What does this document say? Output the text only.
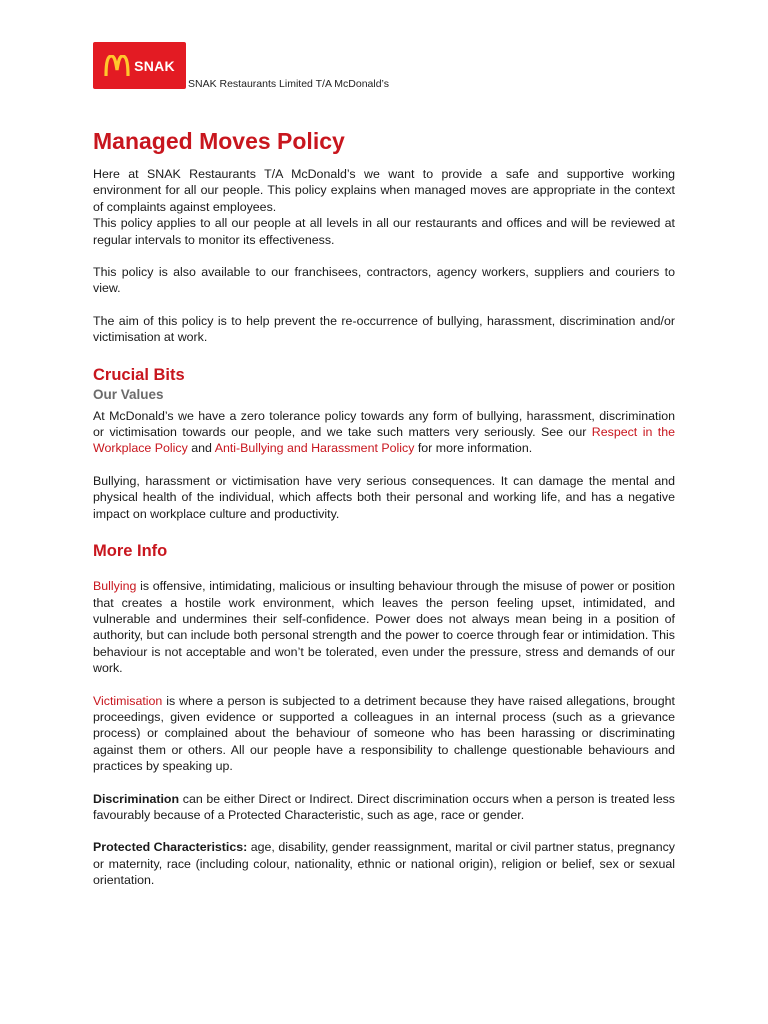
SNAK
SNAK Restaurants Limited T/A McDonald’s
Managed Moves Policy

Here at SNAK Restaurants T/A McDonald’s we want to provide a safe and supportive working environment for all our people. This policy explains when managed moves are appropriate in the context of complaints against employees.
This policy applies to all our people at all levels in all our restaurants and offices and will be reviewed at regular intervals to monitor its effectiveness.

This policy is also available to our franchisees, contractors, agency workers, suppliers and couriers to view.

The aim of this policy is to help prevent the re-occurrence of bullying, harassment, discrimination and/or victimisation at work.

Crucial Bits
Our Values

At McDonald’s we have a zero tolerance policy towards any form of bullying, harassment, discrimination or victimisation towards our people, and we take such matters very seriously. See our Respect in the Workplace Policy and Anti-Bullying and Harassment Policy for more information.

Bullying, harassment or victimisation have very serious consequences. It can damage the mental and physical health of the individual, which affects both their personal and working life, and has a negative impact on workplace culture and productivity.

More Info

Bullying is offensive, intimidating, malicious or insulting behaviour through the misuse of power or position that creates a hostile work environment, which leaves the person feeling upset, intimidated, and vulnerable and undermines their self-confidence. Power does not always mean being in a position of authority, but can include both personal strength and the power to coerce through fear or intimidation. This behaviour is not acceptable and won’t be tolerated, even under the pressure, stress and demands of our work.

Victimisation is where a person is subjected to a detriment because they have raised allegations, brought proceedings, given evidence or supported a colleagues in an internal process (such as a grievance process) or complained about the behaviour of someone who has been harassing or discriminating against them or others. All our people have a responsibility to challenge questionable behaviours and practices by speaking up.

Discrimination can be either Direct or Indirect. Direct discrimination occurs when a person is treated less favourably because of a Protected Characteristic, such as age, race or gender.

Protected Characteristics: age, disability, gender reassignment, marital or civil partner status, pregnancy or maternity, race (including colour, nationality, ethnic or national origin), religion or belief, sex or sexual orientation.
